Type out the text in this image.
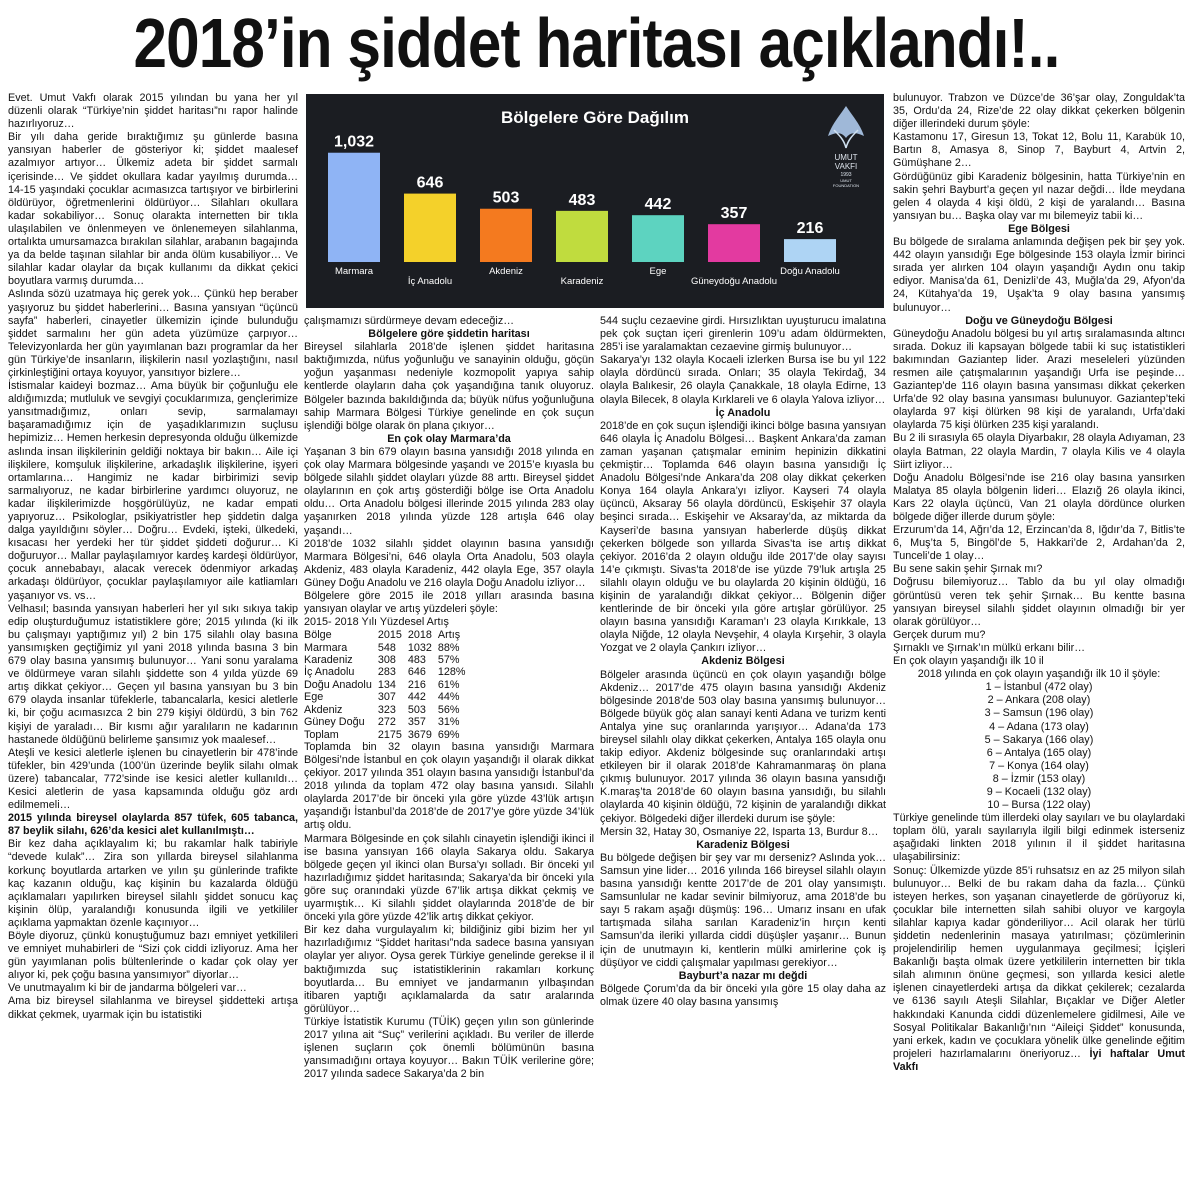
2018’in şiddet haritası açıklandı!..

Evet. Umut Vakfı olarak 2015 yılından bu yana her yıl düzenli olarak “Türkiye’nin şiddet haritası”nı rapor halinde hazırlıyoruz…

Bir yılı daha geride bıraktığımız şu günlerde basına yansıyan haberler de gösteriyor ki; şiddet maalesef azalmıyor artıyor… Ülkemiz adeta bir şiddet sarmalı içerisinde… Ve şiddet okullara kadar yayılmış durumda… 14-15 yaşındaki çocuklar acımasızca tartışıyor ve birbirlerini öldürüyor, öğretmenlerini öldürüyor… Silahları okullara kadar sokabiliyor… Sonuç olarakta internetten bir tıkla ulaşılabilen ve önlenmeyen ve önlenemeyen silahlanma, ortalıkta umursamazca bırakılan silahlar, arabanın bagajında ya da belde taşınan silahlar bir anda ölüm kusabiliyor… Ve silahlar kadar olaylar da bıçak kullanımı da dikkat çekici boyutlara varmış durumda…

Aslında sözü uzatmaya hiç gerek yok… Çünkü hep beraber yaşıyoruz bu şiddet haberlerini… Basına yansıyan “üçüncü sayfa” haberleri, cinayetler ülkemizin içinde bulunduğu şiddet sarmalını her gün adeta yüzümüze çarpıyor… Televizyonlarda her gün yayımlanan bazı programlar da her gün Türkiye’de insanların, ilişkilerin nasıl yozlaştığını, nasıl çirkinleştiğini ortaya koyuyor, yansıtıyor bizlere…

İstismalar kaideyi bozmaz… Ama büyük bir çoğunluğu ele aldığımızda; mutluluk ve sevgiyi çocuklarımıza, gençlerimize yansıtmadığımız, onları sevip, sarmalamayı başaramadığımız için de yaşadıklarımızın suçlusu hepimiziz… Hemen herkesin depresyonda olduğu ülkemizde aslında insan ilişkilerinin geldiği noktaya bir bakın… Aile içi ilişkilere, komşuluk ilişkilerine, arkadaşlık ilişkilerine, işyeri ortamlarına… Hangimiz ne kadar birbirimizi sevip sarmalıyoruz, ne kadar birbirlerine yardımcı oluyoruz, ne kadar ilişkilerimizde hoşgörülüyüz, ne kadar empati yapıyoruz… Psikologlar, psikiyatristler hep şiddetin dalga dalga yayıldığını söyler… Doğru… Evdeki, işteki, ülkedeki, kısacası her yerdeki her tür şiddet şiddeti doğurur… Ki doğuruyor… Mallar paylaşılamıyor kardeş kardeşi öldürüyor, çocuk annebabayı, alacak verecek ödenmiyor arkadaş arkadaşı öldürüyor, çocuklar paylaşılamıyor aile katliamları yaşanıyor vs. vs…

Velhasıl; basında yansıyan haberleri her yıl sıkı sıkıya takip edip oluşturduğumuz istatistiklere göre; 2015 yılında (ki ilk bu çalışmayı yaptığımız yıl) 2 bin 175 silahlı olay basına yansımışken geçtiğimiz yıl yani 2018 yılında basına 3 bin 679 olay basına yansımış bulunuyor… Yani sonu yaralama ve öldürmeye varan silahlı şiddette son 4 yılda yüzde 69 artış dikkat çekiyor… Geçen yıl basına yansıyan bu 3 bin 679 olayda insanlar tüfeklerle, tabancalarla, kesici aletlerle ki, bir çoğu acımasızca 2 bin 279 kişiyi öldürdü, 3 bin 762 kişiyi de yaraladı… Bir kısmı ağır yaralıların ne kadarının hastanede öldüğünü belirleme şansımız yok maalesef…

Ateşli ve kesici aletlerle işlenen bu cinayetlerin bir 478’inde tüfekler, bin 429’unda (100’ün üzerinde beylik silahı olmak üzere) tabancalar, 772’sinde ise kesici aletler kullanıldı… Kesici aletlerin de yasa kapsamında olduğu göz ardı edilmemeli…

2015 yılında bireysel olaylarda 857 tüfek, 605 tabanca, 87 beylik silahı, 626’da kesici alet kullanılmıştı…

Bir kez daha açıklayalım ki; bu rakamlar halk tabiriyle “devede kulak”… Zira son yıllarda bireysel silahlanma korkunç boyutlarda artarken ve yılın şu günlerinde trafikte kaç kazanın olduğu, kaç kişinin bu kazalarda öldüğü açıklamaları yapılırken bireysel silahlı şiddet sonucu kaç kişinin ölüp, yaralandığı konusunda ilgili ve yetkililer açıklama yapmaktan özenle kaçınıyor…

Böyle diyoruz, çünkü konuştuğumuz bazı emniyet yetkilileri ve emniyet muhabirleri de “Sizi çok ciddi izliyoruz. Ama her gün yayımlanan polis bültenlerinde o kadar çok olay yer alıyor ki, pek çoğu basına yansımıyor” diyorlar…

Ve unutmayalım ki bir de jandarma bölgeleri var…

Ama biz bireysel silahlanma ve bireysel şiddetteki artışa dikkat çekmek, uyarmak için bu istatistiki

Bölgelere Göre Dağılım
1,032
Marmara
646
İç Anadolu
503
Akdeniz
483
Karadeniz
442
Ege
357
Güneydoğu Anadolu
216
Doğu Anadolu
UMUT
VAKFI
1993
UMUT
FOUNDATION

çalışmamızı sürdürmeye devam edeceğiz…

Bölgelere göre şiddetin haritası

Bireysel silahlarla 2018’de işlenen şiddet haritasına baktığımızda, nüfus yoğunluğu ve sanayinin olduğu, göçün yoğun yaşanması nedeniyle kozmopolit yapıya sahip kentlerde olayların daha çok yaşandığına tanık oluyoruz. Bölgeler bazında bakıldığında da; büyük nüfus yoğunluğuna sahip Marmara Bölgesi Türkiye genelinde en çok suçun işlendiği bölge olarak ön plana çıkıyor…

En çok olay Marmara’da

Yaşanan 3 bin 679 olayın basına yansıdığı 2018 yılında en çok olay Marmara bölgesinde yaşandı ve 2015’e kıyasla bu bölgede silahlı şiddet olayları yüzde 88 arttı. Bireysel şiddet olaylarının en çok artış gösterdiği bölge ise Orta Anadolu oldu… Orta Anadolu bölgesi illerinde 2015 yılında 283 olay yaşanırken 2018 yılında yüzde 128 artışla 646 olay yaşandı…

2018’de 1032 silahlı şiddet olayının basına yansıdığı Marmara Bölgesi’ni, 646 olayla Orta Anadolu, 503 olayla Akdeniz, 483 olayla Karadeniz, 442 olayla Ege, 357 olayla Güney Doğu Anadolu ve 216 olayla Doğu Anadolu izliyor…

Bölgelere göre 2015 ile 2018 yılları arasında basına yansıyan olaylar ve artış yüzdeleri şöyle:

2015- 2018 Yılı Yüzdesel Artış

Bölge	2015	2018	Artış
Marmara	548	1032	88%
Karadeniz	308	483	57%
İç Anadolu	283	646	128%
Doğu Anadolu	134	216	61%
Ege	307	442	44%
Akdeniz	323	503	56%
Güney Doğu	272	357	31%
Toplam	2175	3679	69%

Toplamda bin 32 olayın basına yansıdığı Marmara Bölgesi’nde İstanbul en çok olayın yaşandığı il olarak dikkat çekiyor. 2017 yılında 351 olayın basına yansıdığı İstanbul’da 2018 yılında da toplam 472 olay basına yansıdı. Silahlı olaylarda 2017’de bir önceki yıla göre yüzde 43’lük artışın yaşandığı İstanbul’da 2018’de de 2017’ye göre yüzde 34’lük artış oldu.

Marmara Bölgesinde en çok silahlı cinayetin işlendiği ikinci il ise basına yansıyan 166 olayla Sakarya oldu. Sakarya bölgede geçen yıl ikinci olan Bursa’yı solladı. Bir önceki yıl hazırladığımız şiddet haritasında; Sakarya’da bir önceki yıla göre suç oranındaki yüzde 67’lik artışa dikkat çekmiş ve uyarmıştık… Ki silahlı şiddet olaylarında 2018’de de bir önceki yıla göre yüzde 42’lik artış dikkat çekiyor.

Bir kez daha vurgulayalım ki; bildiğiniz gibi bizim her yıl hazırladığımız “Şiddet haritası”nda sadece basına yansıyan olaylar yer alıyor. Oysa gerek Türkiye genelinde gerekse il il baktığımızda suç istatistiklerinin rakamları korkunç boyutlarda… Bu emniyet ve jandarmanın yılbaşından itibaren yaptığı açıklamalarda da satır aralarında görülüyor…

Türkiye İstatistik Kurumu (TÜİK) geçen yılın son günlerinde 2017 yılına ait “Suç” verilerini açıkladı. Bu veriler de illerde işlenen suçların çok önemli bölümünün basına yansımadığını ortaya koyuyor… Bakın TÜİK verilerine göre; 2017 yılında sadece Sakarya’da 2 bin

544 suçlu cezaevine girdi. Hırsızlıktan uyuşturucu imalatına pek çok suçtan içeri girenlerin 109’u adam öldürmekten, 285’i ise yaralamaktan cezaevine girmiş bulunuyor…

Sakarya’yı 132 olayla Kocaeli izlerken Bursa ise bu yıl 122 olayla dördüncü sırada. Onları; 35 olayla Tekirdağ, 34 olayla Balıkesir, 26 olayla Çanakkale, 18 olayla Edirne, 13 olayla Bilecek, 8 olayla Kırklareli ve 6 olayla Yalova izliyor…

İç Anadolu

2018’de en çok suçun işlendiği ikinci bölge basına yansıyan 646 olayla İç Anadolu Bölgesi… Başkent Ankara’da zaman zaman yaşanan çatışmalar eminim hepinizin dikkatini çekmiştir… Toplamda 646 olayın basına yansıdığı İç Anadolu Bölgesi’nde Ankara’da 208 olay dikkat çekerken Konya 164 olayla Ankara’yı izliyor. Kayseri 74 olayla üçüncü, Aksaray 56 olayla dördüncü, Eskişehir 37 olayla beşinci sırada… Eskişehir ve Aksaray’da, az miktarda da Kayseri’de basına yansıyan haberlerde düşüş dikkat çekerken bölgede son yıllarda Sivas’ta ise artış dikkat çekiyor. 2016’da 2 olayın olduğu ilde 2017’de olay sayısı 14’e çıkmıştı. Sivas’ta 2018’de ise yüzde 79’luk artışla 25 silahlı olayın olduğu ve bu olaylarda 20 kişinin öldüğü, 16 kişinin de yaralandığı dikkat çekiyor… Bölgenin diğer kentlerinde de bir önceki yıla göre artışlar görülüyor. 25 olayın basına yansıdığı Karaman’ı 23 olayla Kırıkkale, 13 olayla Niğde, 12 olayla Nevşehir, 4 olayla Kırşehir, 3 olayla Yozgat ve 2 olayla Çankırı izliyor…

Akdeniz Bölgesi

Bölgeler arasında üçüncü en çok olayın yaşandığı bölge Akdeniz… 2017’de 475 olayın basına yansıdığı Akdeniz bölgesinde 2018’de 503 olay basına yansımış bulunuyor… Bölgede büyük göç alan sanayi kenti Adana ve turizm kenti Antalya yine suç oranlarında yarışıyor… Adana’da 173 bireysel silahlı olay dikkat çekerken, Antalya 165 olayla onu takip ediyor. Akdeniz bölgesinde suç oranlarındaki artışı etkileyen bir il olarak 2018’de Kahramanmaraş ön plana çıkmış bulunuyor. 2017 yılında 36 olayın basına yansıdığı K.maraş’ta 2018’de 60 olayın basına yansıdığı, bu silahlı olaylarda 40 kişinin öldüğü, 72 kişinin de yaralandığı dikkat çekiyor. Bölgedeki diğer illerdeki durum ise şöyle:

Mersin 32, Hatay 30, Osmaniye 22, Isparta 13, Burdur 8…

Karadeniz Bölgesi

Bu bölgede değişen bir şey var mı derseniz? Aslında yok… Samsun yine lider… 2016 yılında 166 bireysel silahlı olayın basına yansıdığı kentte 2017’de de 201 olay yansımıştı. Samsunlular ne kadar sevinir bilmiyoruz, ama 2018’de bu sayı 5 rakam aşağı düşmüş: 196… Umarız insanı en ufak tartışmada silaha sarılan Karadeniz’in hırçın kenti Samsun’da ileriki yıllarda ciddi düşüşler yaşanır… Bunun için de unutmayın ki, kentlerin mülki amirlerine çok iş düşüyor ve ciddi çalışmalar yapılması gerekiyor…

Bayburt’a nazar mı değdi

Bölgede Çorum’da da bir önceki yıla göre 15 olay daha az olmak üzere 40 olay basına yansımış

bulunuyor. Trabzon ve Düzce’de 36’şar olay, Zonguldak’ta 35, Ordu’da 24, Rize’de 22 olay dikkat çekerken bölgenin diğer illerindeki durum şöyle:

Kastamonu 17, Giresun 13, Tokat 12, Bolu 11, Karabük 10, Bartın 8, Amasya 8, Sinop 7, Bayburt 4, Artvin 2, Gümüşhane 2…

Gördüğünüz gibi Karadeniz bölgesinin, hatta Türkiye’nin en sakin şehri Bayburt’a geçen yıl nazar değdi… İlde meydana gelen 4 olayda 4 kişi öldü, 2 kişi de yaralandı… Basına yansıyan bu… Başka olay var mı bilemeyiz tabii ki…

Ege Bölgesi

Bu bölgede de sıralama anlamında değişen pek bir şey yok. 442 olayın yansıdığı Ege bölgesinde 153 olayla İzmir birinci sırada yer alırken 104 olayın yaşandığı Aydın onu takip ediyor. Manisa’da 61, Denizli’de 43, Muğla’da 29, Afyon’da 24, Kütahya’da 19, Uşak’ta 9 olay basına yansımış bulunuyor…

Doğu ve Güneydoğu Bölgesi

Güneydoğu Anadolu bölgesi bu yıl artış sıralamasında altıncı sırada. Dokuz ili kapsayan bölgede tabii ki suç istatistikleri bakımından Gaziantep lider. Arazi meseleleri yüzünden resmen aile çatışmalarının yaşandığı Urfa ise peşinde… Gaziantep’de 116 olayın basına yansıması dikkat çekerken Urfa’de 92 olay basına yansıması bulunuyor. Gaziantep’teki olaylarda 97 kişi ölürken 98 kişi de yaralandı, Urfa’daki olaylarda 75 kişi ölürken 235 kişi yaralandı.

Bu 2 ili sırasıyla 65 olayla Diyarbakır, 28 olayla Adıyaman, 23 olayla Batman, 22 olayla Mardin, 7 olayla Kilis ve 4 olayla Siirt izliyor…

Doğu Anadolu Bölgesi’nde ise 216 olay basına yansırken Malatya 85 olayla bölgenin lideri… Elazığ 26 olayla ikinci, Kars 22 olayla üçüncü, Van 21 olayla dördünce olurken bölgede diğer illerde durum şöyle:

Erzurum’da 14, Ağrı’da 12, Erzincan’da 8, Iğdır’da 7, Bitlis’te 6, Muş’ta 5, Bingöl’de 5, Hakkari’de 2, Ardahan’da 2, Tunceli’de 1 olay…

Bu sene sakin şehir Şırnak mı?

Doğrusu bilemiyoruz… Tablo da bu yıl olay olmadığı görüntüsü veren tek şehir Şırnak… Bu kentte basına yansıyan bireysel silahlı şiddet olayının olmadığı bir yer olarak görülüyor…

Gerçek durum mu?

Şırnaklı ve Şırnak’ın mülkü erkanı bilir…

En çok olayın yaşandığı ilk 10 il

2018 yılında en çok olayın yaşandığı ilk 10 il şöyle:

1 – İstanbul (472 olay)
2 – Ankara (208 olay)
3 – Samsun (196 olay)
4 – Adana (173 olay)
5 – Sakarya (166 olay)
6 – Antalya (165 olay)
7 – Konya (164 olay)
8 – İzmir (153 olay)
9 – Kocaeli (132 olay)
10 – Bursa (122 olay)

Türkiye genelinde tüm illerdeki olay sayıları ve bu olaylardaki toplam ölü, yaralı sayılarıyla ilgili bilgi edinmek isterseniz aşağıdaki linkten 2018 yılının il il şiddet haritasına ulaşabilirsiniz:

Sonuç: Ülkemizde yüzde 85’i ruhsatsız en az 25 milyon silah bulunuyor… Belki de bu rakam daha da fazla… Çünkü isteyen herkes, son yaşanan cinayetlerde de görüyoruz ki, çocuklar bile internetten silah sahibi oluyor ve kargoyla silahlar kapıya kadar gönderiliyor… Acil olarak her türlü şiddetin nedenlerinin masaya yatırılması; çözümlerinin projelendirilip hemen uygulanmaya geçilmesi; İçişleri Bakanlığı başta olmak üzere yetkililerin internetten bir tıkla silah alımının önüne geçmesi, son yıllarda kesici aletle işlenen cinayetlerdeki artışa da dikkat çekilerek; cezalarda ve 6136 sayılı Ateşli Silahlar, Bıçaklar ve Diğer Aletler hakkındaki Kanunda ciddi düzenlemelere gidilmesi, Aile ve Sosyal Politikalar Bakanlığı’nın “Aileiçi Şiddet” konusunda, yani erkek, kadın ve çocuklara yönelik ülke genelinde eğitim projeleri hazırlamalarını öneriyoruz… İyi haftalar Umut Vakfı
